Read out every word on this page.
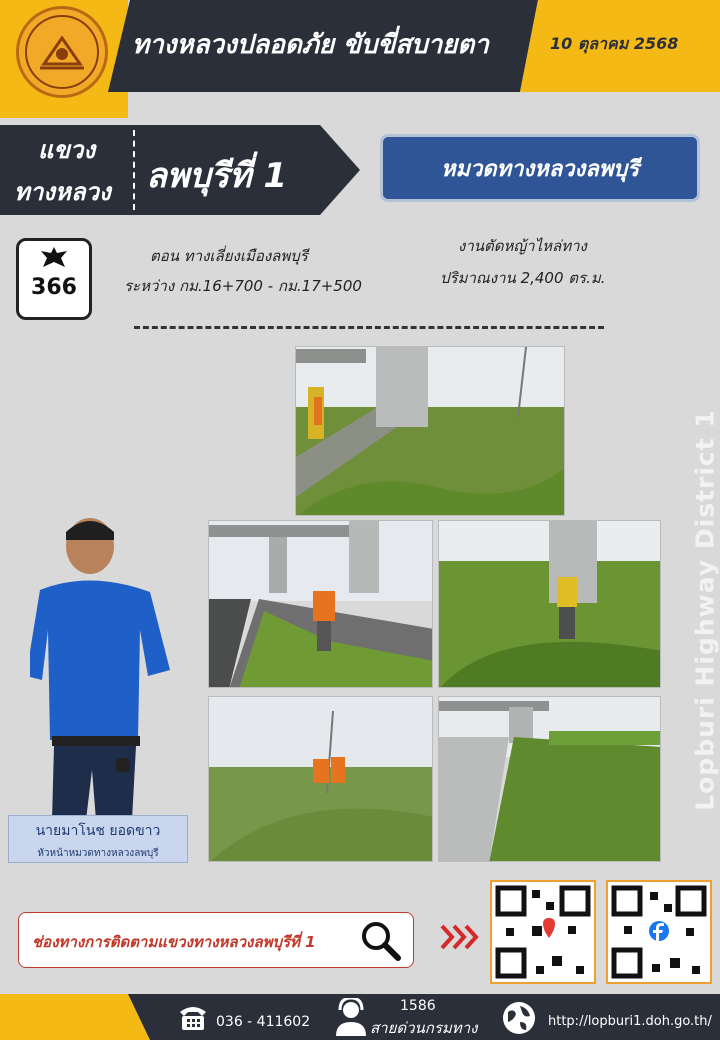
ทางหลวงปลอดภัย ขับขี่สบายตา	10 ตุลาคม 2568
แขวง
ทางหลวง ลพบุรีที่ 1	หมวดทางหลวงลพบุรี
366
ตอน ทางเลี่ยงเมืองลพบุรี
ระหว่าง กม.16+700 - กม.17+500
งานตัดหญ้าไหล่ทาง
ปริมาณงาน 2,400 ตร.ม.
Lopburi Highway District 1
นายมาโนช ยอดขาว
หัวหน้าหมวดทางหลวงลพบุรี
ช่องทางการติดตามแขวงทางหลวงลพบุรีที่ 1
036 - 411602
1586
สายด่วนกรมทาง	http://lopburi1.doh.go.th/
